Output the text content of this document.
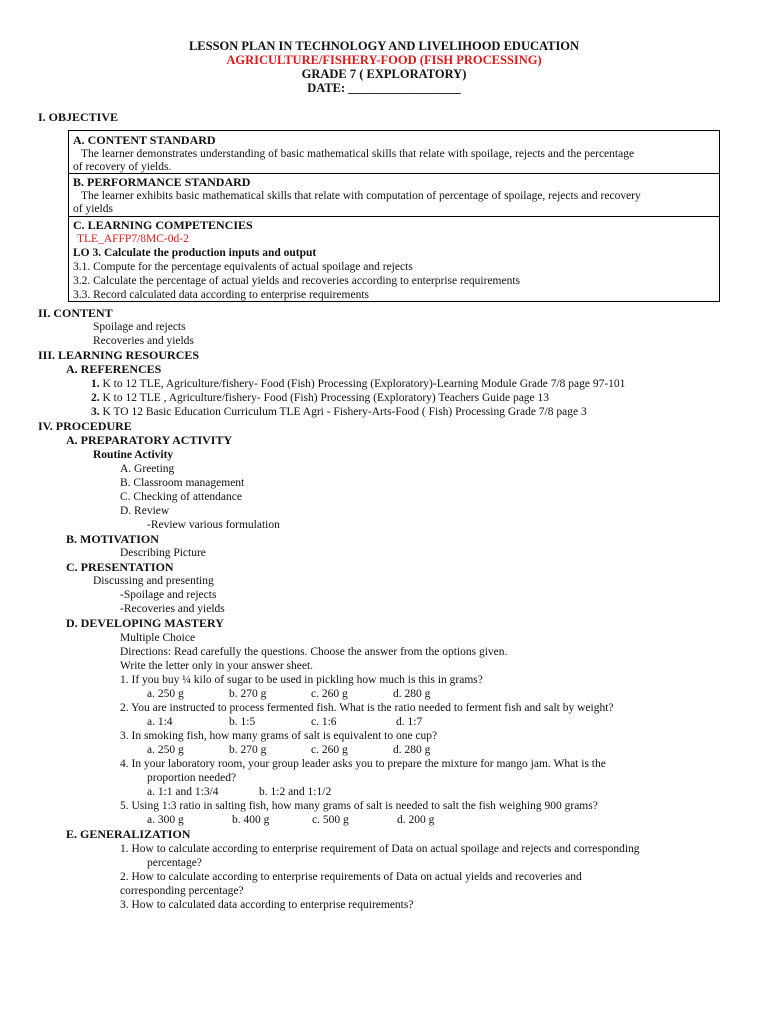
LESSON PLAN IN TECHNOLOGY AND LIVELIHOOD EDUCATION
AGRICULTURE/FISHERY-FOOD (FISH PROCESSING)
GRADE 7 ( EXPLORATORY)
DATE: __________________
I. OBJECTIVE
A. CONTENT STANDARD
The learner demonstrates understanding of basic mathematical skills that relate with spoilage, rejects and the percentage
of recovery of yields.
B. PERFORMANCE STANDARD
The learner exhibits basic mathematical skills that relate with computation of percentage of spoilage, rejects and recovery
of yields
C. LEARNING COMPETENCIES
TLE_AFFP7/8MC-0d-2
LO 3. Calculate the production inputs and output
3.1. Compute for the percentage equivalents of actual spoilage and rejects
3.2. Calculate the percentage of actual yields and recoveries according to enterprise requirements
3.3. Record calculated data according to enterprise requirements
II. CONTENT
Spoilage and rejects
Recoveries and yields
III. LEARNING RESOURCES
A. REFERENCES
1. K to 12 TLE, Agriculture/fishery- Food (Fish) Processing (Exploratory)-Learning Module Grade 7/8 page 97-101
2. K to 12 TLE , Agriculture/fishery- Food (Fish) Processing (Exploratory) Teachers Guide page 13
3. K TO 12 Basic Education Curriculum TLE Agri - Fishery-Arts-Food ( Fish) Processing Grade 7/8 page 3
IV. PROCEDURE
A. PREPARATORY ACTIVITY
Routine Activity
A. Greeting
B. Classroom management
C. Checking of attendance
D. Review
-Review various formulation
B. MOTIVATION
Describing Picture
C. PRESENTATION
Discussing and presenting
-Spoilage and rejects
-Recoveries and yields
D. DEVELOPING MASTERY
Multiple Choice
Directions: Read carefully the questions. Choose the answer from the options given.
Write the letter only in your answer sheet.
1. If you buy ¼ kilo of sugar to be used in pickling how much is this in grams?
a. 250 g	b. 270 g	c. 260 g	d. 280 g
2. You are instructed to process fermented fish. What is the ratio needed to ferment fish and salt by weight?
a. 1:4	b. 1:5	c. 1:6	d. 1:7
3. In smoking fish, how many grams of salt is equivalent to one cup?
a. 250 g	b. 270 g	c. 260 g	d. 280 g
4. In your laboratory room, your group leader asks you to prepare the mixture for mango jam. What is the
proportion needed?
a. 1:1 and 1:3/4	b. 1:2 and 1:1/2
5. Using 1:3 ratio in salting fish, how many grams of salt is needed to salt the fish weighing 900 grams?
a. 300 g	b. 400 g	c. 500 g	d. 200 g
E. GENERALIZATION
1. How to calculate according to enterprise requirement of Data on actual spoilage and rejects and corresponding
percentage?
2. How to calculate according to enterprise requirements of Data on actual yields and recoveries and
corresponding percentage?
3. How to calculated data according to enterprise requirements?
